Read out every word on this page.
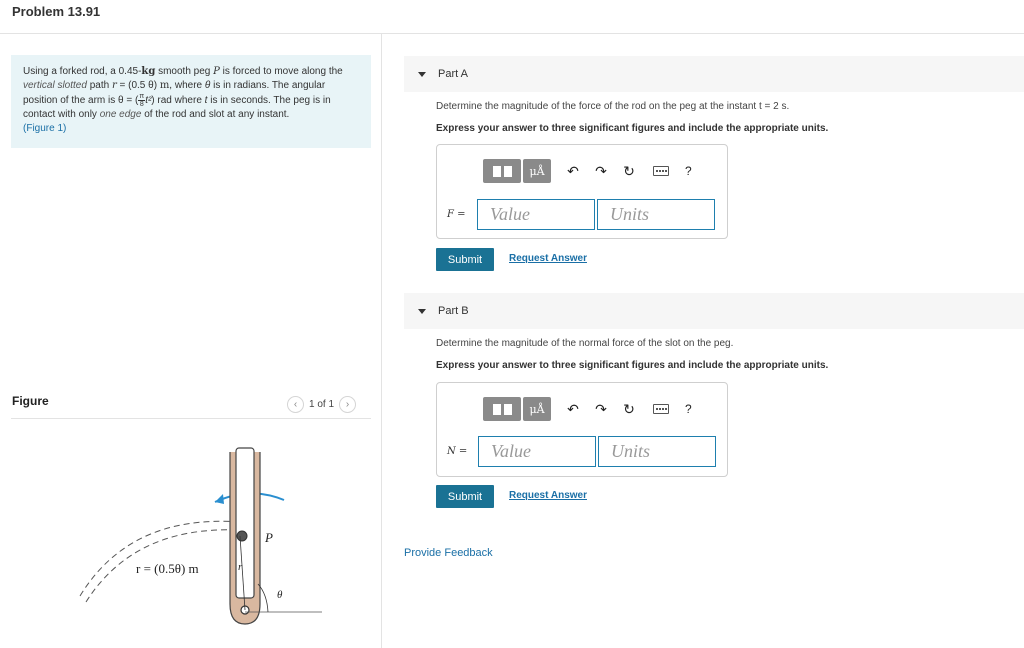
Problem 13.91
Using a forked rod, a 0.45-kg smooth peg P is forced to move along the vertical slotted path r = (0.5 θ) m, where θ is in radians. The angular position of the arm is θ = ( $\frac{\pi}{8} t^2$) rad where t is in seconds. The peg is in contact with only one edge of the rod and slot at any instant.
(Figure 1)
Figure	‹	1 of 1	›
P
r
θ
r = (0.5θ) m
Part A
Determine the magnitude of the force of the rod on the peg at the instant t = 2 s.
Express your answer to three significant figures and include the appropriate units.
μÅ	↶ ↷ ↻	?
F =	Value	Units
Submit	Request Answer
Part B
Determine the magnitude of the normal force of the slot on the peg.
Express your answer to three significant figures and include the appropriate units.
μÅ	↶ ↷ ↻	?
N =	Value	Units
Submit	Request Answer
Provide Feedback
